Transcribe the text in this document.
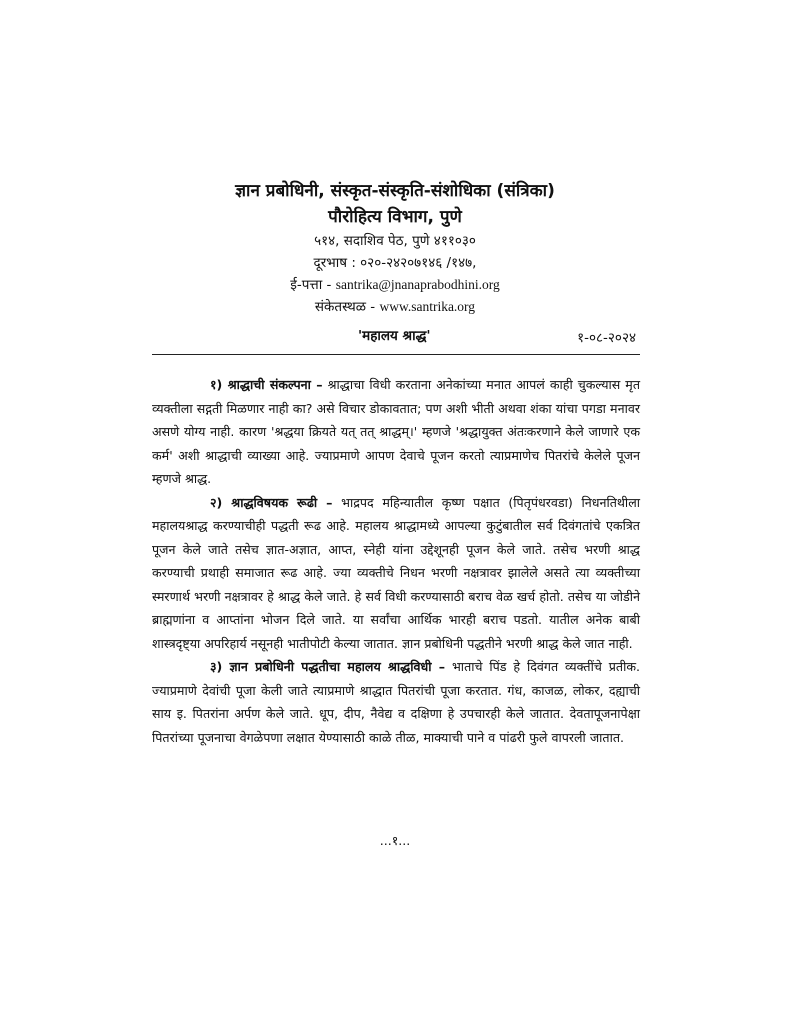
ज्ञान प्रबोधिनी, संस्कृत-संस्कृति-संशोधिका (संत्रिका)

पौरोहित्य विभाग, पुणे

५१४, सदाशिव पेठ, पुणे ४११०३०

दूरभाष : ०२०-२४२०७१४६ /१४७,

ई-पत्ता - santrika@jnanaprabodhini.org

संकेतस्थळ - www.santrika.org

'महालय श्राद्ध'	१-०८-२०२४

१) श्राद्धाची संकल्पना – श्राद्धाचा विधी करताना अनेकांच्या मनात आपलं काही चुकल्यास मृत व्यक्तीला सद्गती मिळणार नाही का? असे विचार डोकावतात; पण अशी भीती अथवा शंका यांचा पगडा मनावर असणे योग्य नाही. कारण 'श्रद्धया क्रियते यत् तत् श्राद्धम्।' म्हणजे 'श्रद्धायुक्त अंतःकरणाने केले जाणारे एक कर्म' अशी श्राद्धाची व्याख्या आहे. ज्याप्रमाणे आपण देवाचे पूजन करतो त्याप्रमाणेच पितरांचे केलेले पूजन म्हणजे श्राद्ध.

२) श्राद्धविषयक रूढी – भाद्रपद महिन्यातील कृष्ण पक्षात (पितृपंधरवडा) निधनतिथीला महालयश्राद्ध करण्याचीही पद्धती रूढ आहे. महालय श्राद्धामध्ये आपल्या कुटुंबातील सर्व दिवंगतांचे एकत्रित पूजन केले जाते तसेच ज्ञात-अज्ञात, आप्त, स्नेही यांना उद्देशूनही पूजन केले जाते. तसेच भरणी श्राद्ध करण्याची प्रथाही समाजात रूढ आहे. ज्या व्यक्तीचे निधन भरणी नक्षत्रावर झालेले असते त्या व्यक्तीच्या स्मरणार्थ भरणी नक्षत्रावर हे श्राद्ध केले जाते. हे सर्व विधी करण्यासाठी बराच वेळ खर्च होतो. तसेच या जोडीने ब्राह्मणांना व आप्तांना भोजन दिले जाते. या सर्वांचा आर्थिक भारही बराच पडतो. यातील अनेक बाबी शास्त्रदृष्ट्या अपरिहार्य नसूनही भातीपोटी केल्या जातात. ज्ञान प्रबोधिनी पद्धतीने भरणी श्राद्ध केले जात नाही.

३) ज्ञान प्रबोधिनी पद्धतीचा महालय श्राद्धविधी – भाताचे पिंड हे दिवंगत व्यक्तींचे प्रतीक. ज्याप्रमाणे देवांची पूजा केली जाते त्याप्रमाणे श्राद्धात पितरांची पूजा करतात. गंध, काजळ, लोकर, दह्याची साय इ. पितरांना अर्पण केले जाते. धूप, दीप, नैवेद्य व दक्षिणा हे उपचारही केले जातात. देवतापूजनापेक्षा पितरांच्या पूजनाचा वेगळेपणा लक्षात येण्यासाठी काळे तीळ, माक्याची पाने व पांढरी फुले वापरली जातात.

...१...
